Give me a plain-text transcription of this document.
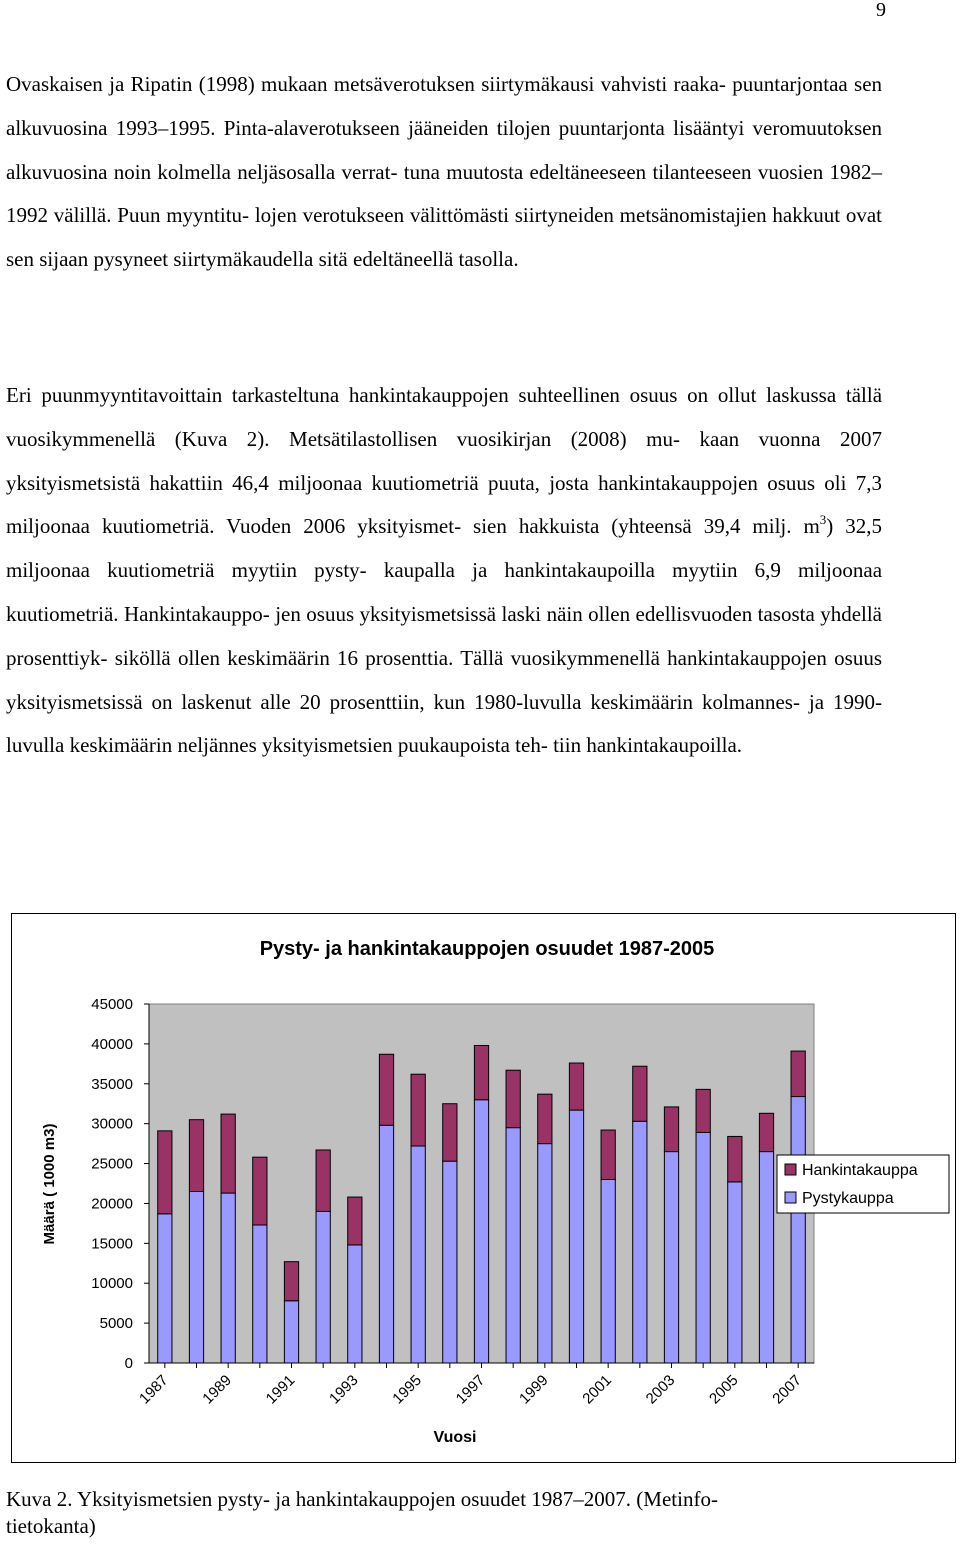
9

Ovaskaisen ja Ripatin (1998) mukaan metsäverotuksen siirtymäkausi vahvisti raaka- puuntarjontaa sen alkuvuosina 1993–1995. Pinta-alaverotukseen jääneiden tilojen puuntarjonta lisääntyi veromuutoksen alkuvuosina noin kolmella neljäsosalla verrat- tuna muutosta edeltäneeseen tilanteeseen vuosien 1982–1992 välillä. Puun myyntitu- lojen verotukseen välittömästi siirtyneiden metsänomistajien hakkuut ovat sen sijaan pysyneet siirtymäkaudella sitä edeltäneellä tasolla.

Eri puunmyyntitavoittain tarkasteltuna hankintakauppojen suhteellinen osuus on ollut laskussa tällä vuosikymmenellä (Kuva 2). Metsätilastollisen vuosikirjan (2008) mu- kaan vuonna 2007 yksityismetsistä hakattiin 46,4 miljoonaa kuutiometriä puuta, josta hankintakauppojen osuus oli 7,3 miljoonaa kuutiometriä. Vuoden 2006 yksityismet- sien hakkuista (yhteensä 39,4 milj. $m^3$) 32,5 miljoonaa kuutiometriä myytiin pysty- kaupalla ja hankintakaupoilla myytiin 6,9 miljoonaa kuutiometriä. Hankintakauppo- jen osuus yksityismetsissä laski näin ollen edellisvuoden tasosta yhdellä prosenttiyk- siköllä ollen keskimäärin 16 prosenttia. Tällä vuosikymmenellä hankintakauppojen osuus yksityismetsissä on laskenut alle 20 prosenttiin, kun 1980-luvulla keskimäärin kolmannes- ja 1990-luvulla keskimäärin neljännes yksityismetsien puukaupoista teh- tiin hankintakaupoilla.

Pysty- ja hankintakauppojen osuudet 1987-2005
0
5000
10000
15000
20000
25000
30000
35000
40000
45000
1987 1989 1991 1993 1995 1997 1999 2001 2003 2005 2007
Määrä ( 1000 m3)
Vuosi
Hankintakauppa
Pystykauppa

Kuva 2. Yksityismetsien pysty- ja hankintakauppojen osuudet 1987–2007. (Metinfo-
tietokanta)
